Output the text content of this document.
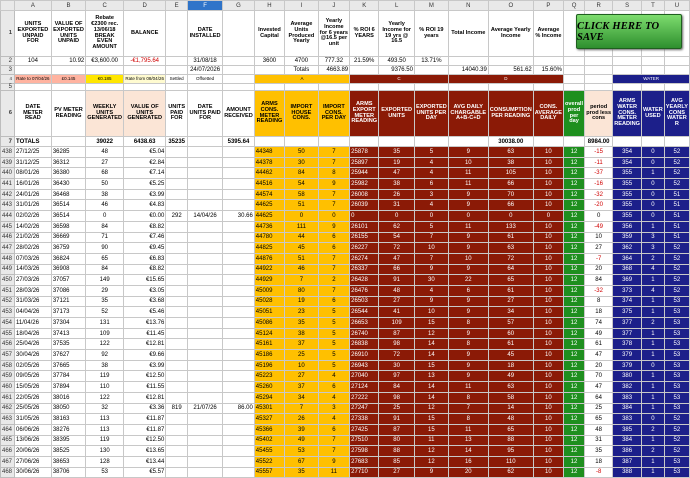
	A	B	C	D	E	F	G	H	I	J	K	L	M	N	O	P	Q	R	S	T	U
1	UNITS EXPORTED UNPAID FOR	VALUE OF EXPORTED UNITS UNPAID	Rebate €2300 rec. 13/06/18 BREAK EVEN AMOUNT	BALANCE		DATE INSTALLED		Invested Capital	Average Units Produced Yearly	Yearly Income for 6 years @16.5 per unit	% ROI 6 YEARS	Yearly Income for 19 yrs @ 16.5	% ROI 19 years	Total Income	Average Yearly Income	Average % Income					
2	104	10.92	€3,600.00	-€1,795.64		31/08/18		3600	4700	777.32	21.59%	493.50	13.71%								
3						24/07/2026			Totals	4663.89		9376.50		14040.39	561.62	15.60%					
4	Rate to 07/04/26	£0.145	€0.185	Rate from 08/04/26	Settled	Offsetted		A			C			D					WATER		
5																					
6	DATE METER READ	PV METER READING	WEEKLY UNITS GENERATED	VALUE OF UNITS GENERATED	UNITS PAID FOR	DATE UNITS PAID FOR	AMOUNT RECEIVED	ARMS CONS. METER READING	IMPORT HOUSE CONS.	IMPORT CONS. PER DAY	ARMS EXPORT METER READING	EXPORTED UNITS	EXPORTED UNITS PER DAY	AVG DAILY CHARGABLE A+B-C+D	CONSUMPTION PER READING	CONS. AVERAGE DAILY	overall prod per day	period prod less cons	ARMS WATER CONS. METER READING	WATER USED	AVG YEARLY CONS WATER R
7	TOTALS		39022	6438.63	35235		5395.64								30038.00			8984.00			
438	27/12/25	36285	48	€5.04				44348	50	7	25878	35	5	9	63	10	12	-15	354	0	52
439	31/12/25	36312	27	€2.84				44378	30	7	25897	19	4	10	38	10	12	-11	354	0	52
440	08/01/26	36380	68	€7.14				44462	84	8	25944	47	4	11	105	10	12	-37	355	1	52
441	16/01/26	36430	50	€5.25				44516	54	9	25982	38	6	11	66	10	12	-16	355	0	52
442	24/01/26	36468	38	€3.99				44574	58	7	26008	26	3	9	70	10	12	-32	355	0	51
443	31/01/26	36514	46	€4.83				44625	51	7	26039	31	4	9	66	10	12	-20	355	0	51
444	02/02/26	36514	0	€0.00	292	14/04/26	30.66	44625	0	0	0	0	0	0	0	0	12	0	355	0	51
445	14/02/26	36598	84	€8.82				44736	111	9	26101	62	5	11	133	10	12	-49	356	1	51
446	21/02/26	36669	71	€7.46				44780	44	6	26155	54	7	9	61	10	12	10	359	3	51
447	28/02/26	36759	90	€9.45				44825	45	6	26227	72	10	9	63	10	12	27	362	3	52
448	07/03/26	36824	65	€6.83				44876	51	7	26274	47	7	10	72	10	12	-7	364	2	52
449	14/03/26	36908	84	€8.82				44922	46	7	26337	66	9	9	64	10	12	20	368	4	52
450	27/03/26	37057	149	€15.65				44929	7	2	26428	91	30	22	65	10	12	84	369	1	52
451	28/03/26	37086	29	€3.05				45009	80	7	26476	48	4	6	61	10	12	-32	373	4	52
452	31/03/26	37121	35	€3.68				45028	19	6	26503	27	9	9	27	10	12	8	374	1	53
453	04/04/26	37173	52	€5.46				45051	23	5	26544	41	10	9	34	10	12	18	375	1	53
454	11/04/26	37304	131	€13.76				45086	35	5	26653	109	15	8	57	10	12	74	377	2	53
455	18/04/26	37413	109	€11.45				45124	38	5	26740	87	12	9	60	10	12	49	377	1	53
456	25/04/26	37535	122	€12.81				45161	37	5	26838	98	14	8	61	10	12	61	378	1	53
457	30/04/26	37627	92	€9.66				45186	25	5	26910	72	14	9	45	10	12	47	379	1	53
458	02/05/26	37665	38	€3.99				45196	10	5	26943	30	15	9	18	10	12	20	379	0	53
459	09/05/26	37784	119	€12.50				45223	27	4	27040	97	13	9	49	10	12	70	380	1	53
460	15/05/26	37894	110	€11.55				45260	37	6	27124	84	14	11	63	10	12	47	382	1	53
461	22/05/26	38016	122	€12.81				45294	34	4	27222	98	14	8	58	10	12	64	383	1	53
462	25/05/26	38050	32	€3.36	819	21/07/26	86.00	45301	7	3	27247	25	12	7	14	10	12	25	384	1	53
463	31/05/26	38163	113	€11.87				45327	26	4	27338	91	15	8	48	10	12	65	383	0	52
464	06/06/26	38276	113	€11.87				45366	39	6	27425	87	15	11	65	10	12	48	385	2	52
465	13/06/26	38395	119	€12.50				45402	49	7	27510	80	11	13	88	10	12	31	384	1	52
466	20/06/26	38525	130	€13.65				45455	53	7	27598	88	12	14	95	10	12	35	386	2	52
467	27/06/26	38653	128	€13.44				45522	67	9	27683	85	12	16	110	10	12	18	387	1	53
468	30/06/26	38706	53	€5.57				45557	35	11	27710	27	9	20	62	10	12	-8	388	1	53
CLICK HERE TO SAVE
